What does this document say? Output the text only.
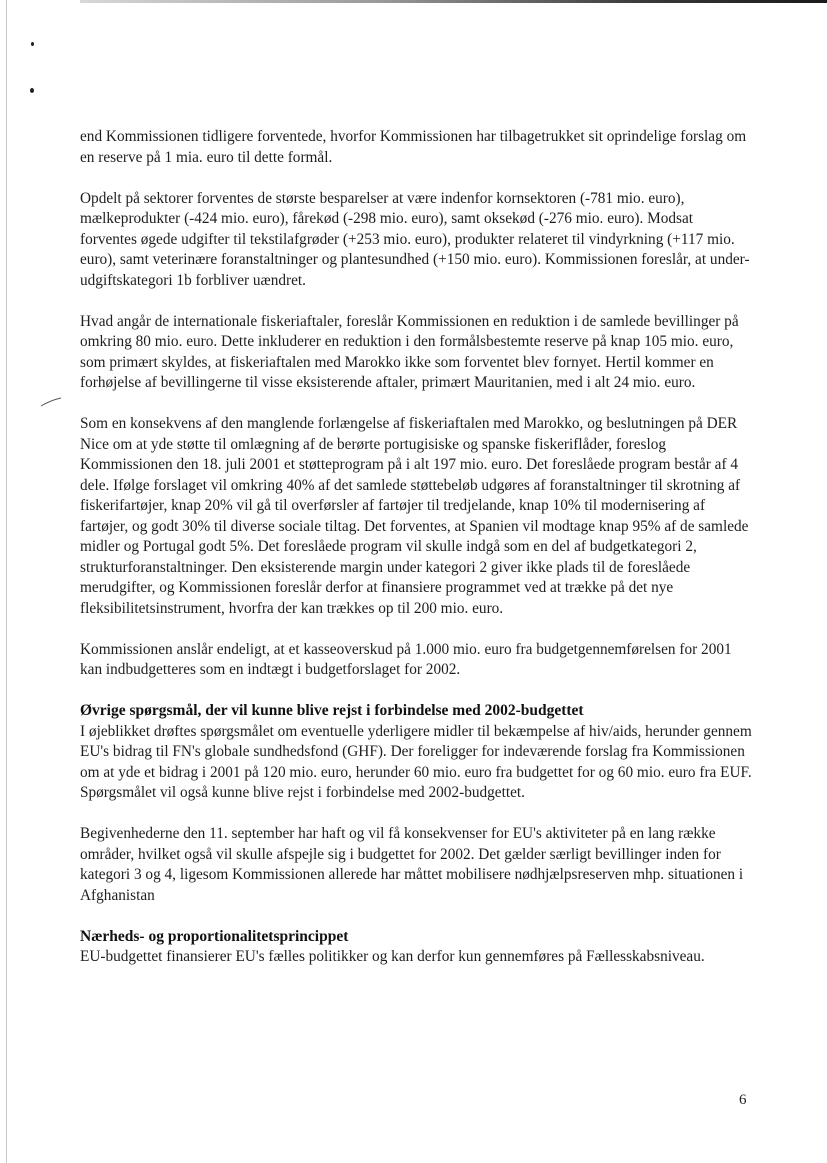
end Kommissionen tidligere forventede, hvorfor Kommissionen har tilbagetrukket sit oprindelige forslag om en reserve på 1 mia. euro til dette formål.

Opdelt på sektorer forventes de største besparelser at være indenfor kornsektoren (-781 mio. euro), mælkeprodukter (-424 mio. euro), fårekød (-298 mio. euro), samt oksekød (-276 mio. euro). Modsat forventes øgede udgifter til tekstilafgrøder (+253 mio. euro), produkter relateret til vindyrkning (+117 mio. euro), samt veterinære foranstaltninger og plantesundhed (+150 mio. euro). Kommissionen foreslår, at under-udgiftskategori 1b forbliver uændret.

Hvad angår de internationale fiskeriaftaler, foreslår Kommissionen en reduktion i de samlede bevillinger på omkring 80 mio. euro. Dette inkluderer en reduktion i den formålsbestemte reserve på knap 105 mio. euro, som primært skyldes, at fiskeriaftalen med Marokko ikke som forventet blev fornyet. Hertil kommer en forhøjelse af bevillingerne til visse eksisterende aftaler, primært Mauritanien, med i alt 24 mio. euro.

Som en konsekvens af den manglende forlængelse af fiskeriaftalen med Marokko, og beslutningen på DER Nice om at yde støtte til omlægning af de berørte portugisiske og spanske fiskeriflåder, foreslog Kommissionen den 18. juli 2001 et støtteprogram på i alt 197 mio. euro. Det foreslåede program består af 4 dele. Ifølge forslaget vil omkring 40% af det samlede støttebeløb udgøres af foranstaltninger til skrotning af fiskerifartøjer, knap 20% vil gå til overførsler af fartøjer til tredjelande, knap 10% til modernisering af fartøjer, og godt 30% til diverse sociale tiltag. Det forventes, at Spanien vil modtage knap 95% af de samlede midler og Portugal godt 5%. Det foreslåede program vil skulle indgå som en del af budgetkategori 2, strukturforanstaltninger. Den eksisterende margin under kategori 2 giver ikke plads til de foreslåede merudgifter, og Kommissionen foreslår derfor at finansiere programmet ved at trække på det nye fleksibilitetsinstrument, hvorfra der kan trækkes op til 200 mio. euro.

Kommissionen anslår endeligt, at et kasseoverskud på 1.000 mio. euro fra budgetgennemførelsen for 2001 kan indbudgetteres som en indtægt i budgetforslaget for 2002.

Øvrige spørgsmål, der vil kunne blive rejst i forbindelse med 2002-budgettet

I øjeblikket drøftes spørgsmålet om eventuelle yderligere midler til bekæmpelse af hiv/aids, herunder gennem EU's bidrag til FN's globale sundhedsfond (GHF). Der foreligger for indeværende forslag fra Kommissionen om at yde et bidrag i 2001 på 120 mio. euro, herunder 60 mio. euro fra budgettet for og 60 mio. euro fra EUF. Spørgsmålet vil også kunne blive rejst i forbindelse med 2002-budgettet.

Begivenhederne den 11. september har haft og vil få konsekvenser for EU's aktiviteter på en lang række områder, hvilket også vil skulle afspejle sig i budgettet for 2002. Det gælder særligt bevillinger inden for kategori 3 og 4, ligesom Kommissionen allerede har måttet mobilisere nødhjælpsreserven mhp. situationen i Afghanistan

Nærheds- og proportionalitetsprincippet

EU-budgettet finansierer EU's fælles politikker og kan derfor kun gennemføres på Fællesskabsniveau.

6
